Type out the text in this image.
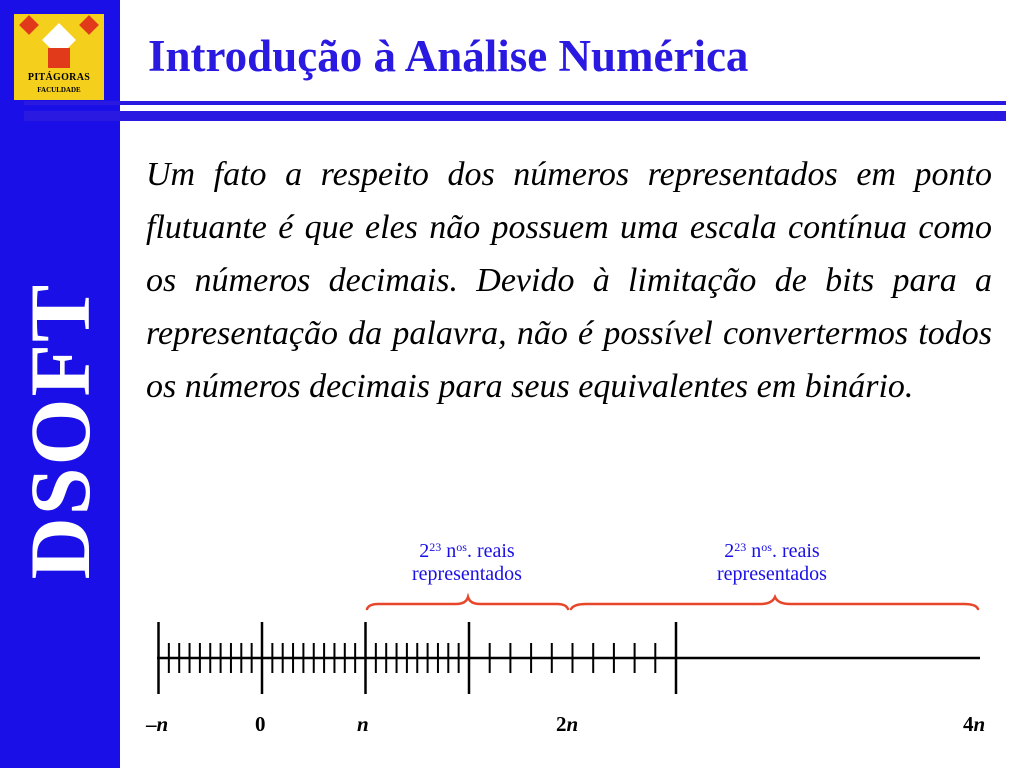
PITÁGORAS
FACULDADE
DSOFT
Introdução à Análise Numérica

Um fato a respeito dos números representados em ponto flutuante é que eles não possuem uma escala contínua como os números decimais. Devido à limitação de bits para a representação da palavra, não é possível convertermos todos os números decimais para seus equivalentes em binário.

$2^{23}$ $n^{os}$. reais
representados
$2^{23}$ $n^{os}$. reais
representados
–n	0	n	2n	4n
